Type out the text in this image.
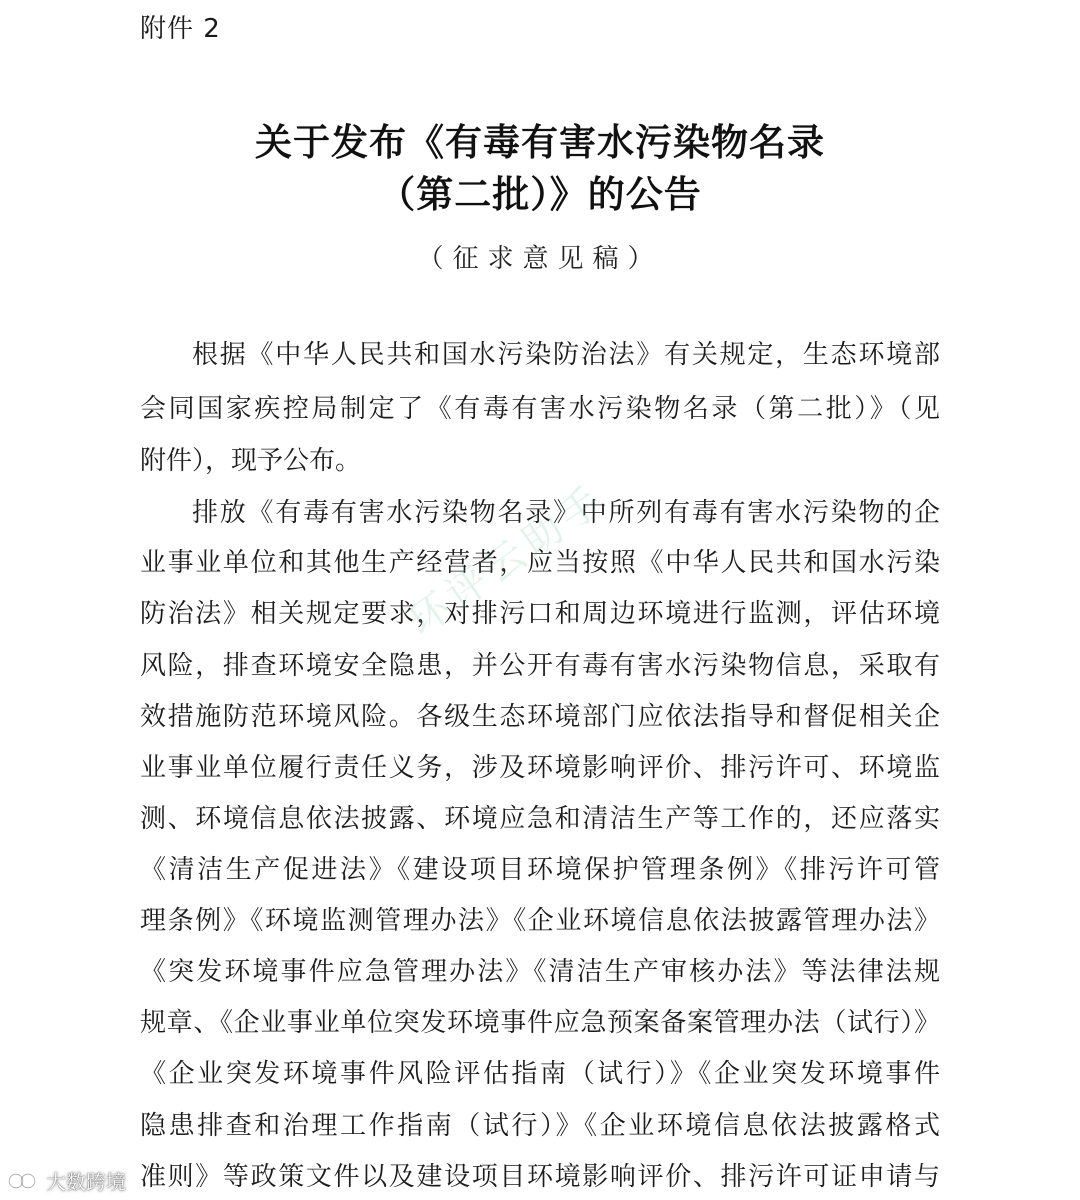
附件 2
关于发布《有毒有害水污染物名录
（第二批）》的公告
（征求意见稿）
根据《中华人民共和国水污染防治法》有关规定，生态环境部
会同国家疾控局制定了《有毒有害水污染物名录（第二批）》（见
附件），现予公布。
排放《有毒有害水污染物名录》中所列有毒有害水污染物的企
业事业单位和其他生产经营者，应当按照《中华人民共和国水污染
防治法》相关规定要求，对排污口和周边环境进行监测，评估环境
风险，排查环境安全隐患，并公开有毒有害水污染物信息，采取有
效措施防范环境风险。各级生态环境部门应依法指导和督促相关企
业事业单位履行责任义务，涉及环境影响评价、排污许可、环境监
测、环境信息依法披露、环境应急和清洁生产等工作的，还应落实
《清洁生产促进法》《建设项目环境保护管理条例》《排污许可管
理条例》《环境监测管理办法》《企业环境信息依法披露管理办法》
《突发环境事件应急管理办法》《清洁生产审核办法》等法律法规
规章、《企业事业单位突发环境事件应急预案备案管理办法（试行）》
《企业突发环境事件风险评估指南（试行）》《企业突发环境事件
隐患排查和治理工作指南（试行）》《企业环境信息依法披露格式
准则》等政策文件以及建设项目环境影响评价、排污许可证申请与
环评云助手
大数跨境
